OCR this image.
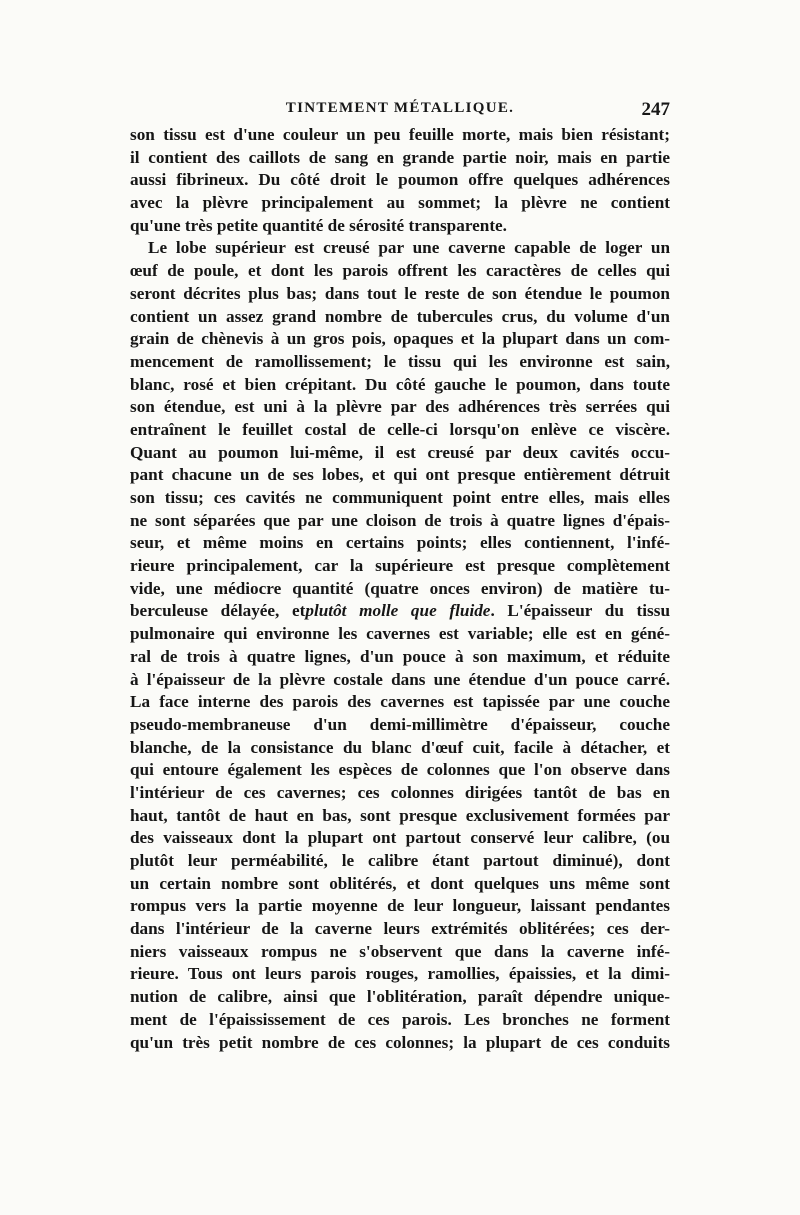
TINTEMENT MÉTALLIQUE.	247
son tissu est d'une couleur un peu feuille morte, mais bien résistant;
il contient des caillots de sang en grande partie noir, mais en partie
aussi fibrineux. Du côté droit le poumon offre quelques adhérences
avec la plèvre principalement au sommet; la plèvre ne contient
qu'une très petite quantité de sérosité transparente.
Le lobe supérieur est creusé par une caverne capable de loger un
œuf de poule, et dont les parois offrent les caractères de celles qui
seront décrites plus bas; dans tout le reste de son étendue le poumon
contient un assez grand nombre de tubercules crus, du volume d'un
grain de chènevis à un gros pois, opaques et la plupart dans un com-
mencement de ramollissement; le tissu qui les environne est sain,
blanc, rosé et bien crépitant. Du côté gauche le poumon, dans toute
son étendue, est uni à la plèvre par des adhérences très serrées qui
entraînent le feuillet costal de celle-ci lorsqu'on enlève ce viscère.
Quant au poumon lui-même, il est creusé par deux cavités occu-
pant chacune un de ses lobes, et qui ont presque entièrement détruit
son tissu; ces cavités ne communiquent point entre elles, mais elles
ne sont séparées que par une cloison de trois à quatre lignes d'épais-
seur, et même moins en certains points; elles contiennent, l'infé-
rieure principalement, car la supérieure est presque complètement
vide, une médiocre quantité (quatre onces environ) de matière tu-
berculeuse délayée, etplutôt molle que fluide. L'épaisseur du tissu
pulmonaire qui environne les cavernes est variable; elle est en géné-
ral de trois à quatre lignes, d'un pouce à son maximum, et réduite
à l'épaisseur de la plèvre costale dans une étendue d'un pouce carré.
La face interne des parois des cavernes est tapissée par une couche
pseudo-membraneuse d'un demi-millimètre d'épaisseur, couche
blanche, de la consistance du blanc d'œuf cuit, facile à détacher, et
qui entoure également les espèces de colonnes que l'on observe dans
l'intérieur de ces cavernes; ces colonnes dirigées tantôt de bas en
haut, tantôt de haut en bas, sont presque exclusivement formées par
des vaisseaux dont la plupart ont partout conservé leur calibre, (ou
plutôt leur perméabilité, le calibre étant partout diminué), dont
un certain nombre sont oblitérés, et dont quelques uns même sont
rompus vers la partie moyenne de leur longueur, laissant pendantes
dans l'intérieur de la caverne leurs extrémités oblitérées; ces der-
niers vaisseaux rompus ne s'observent que dans la caverne infé-
rieure. Tous ont leurs parois rouges, ramollies, épaissies, et la dimi-
nution de calibre, ainsi que l'oblitération, paraît dépendre unique-
ment de l'épaississement de ces parois. Les bronches ne forment
qu'un très petit nombre de ces colonnes; la plupart de ces conduits
